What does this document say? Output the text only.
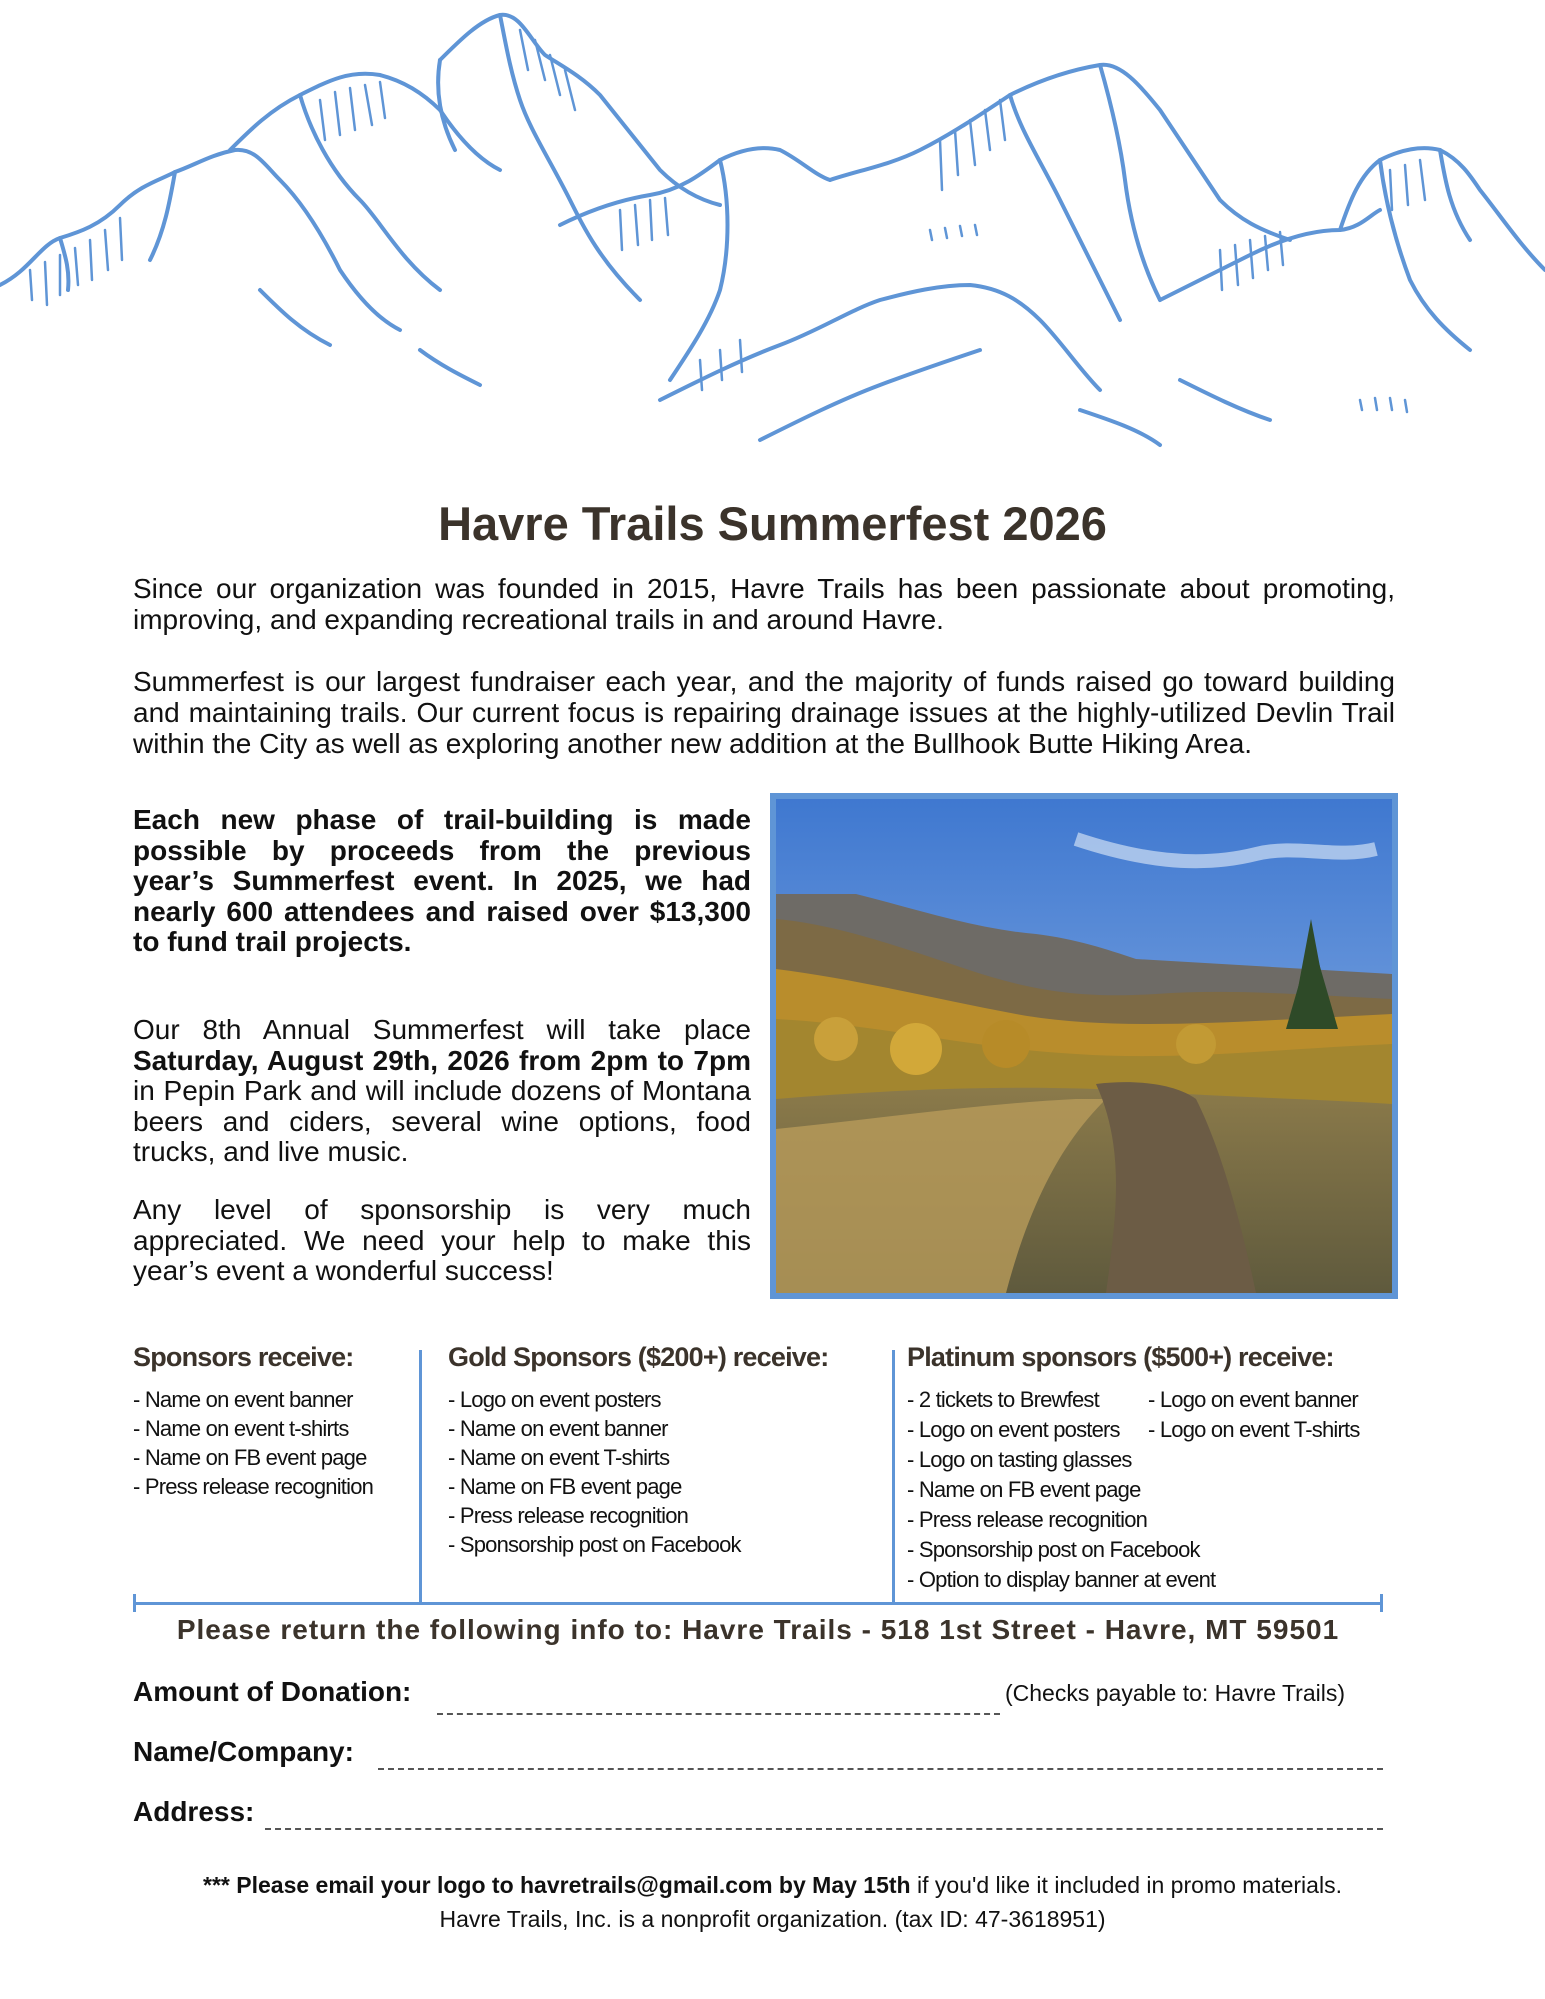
Havre Trails Summerfest 2026
Since our organization was founded in 2015, Havre Trails has been passionate about promoting, improving, and expanding recreational trails in and around Havre.
Summerfest is our largest fundraiser each year, and the majority of funds raised go toward building and maintaining trails. Our current focus is repairing drainage issues at the highly-utilized Devlin Trail within the City as well as exploring another new addition at the Bullhook Butte Hiking Area.
Each new phase of trail-building is made possible by proceeds from the previous year’s Summerfest event. In 2025, we had nearly 600 attendees and raised over $13,300 to fund trail projects.
Our 8th Annual Summerfest will take place Saturday, August 29th, 2026 from 2pm to 7pm in Pepin Park and will include dozens of Montana beers and ciders, several wine options, food trucks, and live music.
Any level of sponsorship is very much appreciated. We need your help to make this year’s event a wonderful success!
Sponsors receive:
- Name on event banner
- Name on event t-shirts
- Name on FB event page
- Press release recognition
Gold Sponsors ($200+) receive:
- Logo on event posters
- Name on event banner
- Name on event T-shirts
- Name on FB event page
- Press release recognition
- Sponsorship post on Facebook
Platinum sponsors ($500+) receive:
- 2 tickets to Brewfest
- Logo on event posters
- Logo on tasting glasses
- Name on FB event page
- Press release recognition
- Sponsorship post on Facebook
- Option to display banner at event
- Logo on event banner
- Logo on event T-shirts
Please return the following info to: Havre Trails - 518 1st Street - Havre, MT 59501
Amount of Donation:	(Checks payable to: Havre Trails)
Name/Company:
Address:
*** Please email your logo to havretrails@gmail.com by May 15th if you'd like it included in promo materials.
Havre Trails, Inc. is a nonprofit organization. (tax ID: 47-3618951)
